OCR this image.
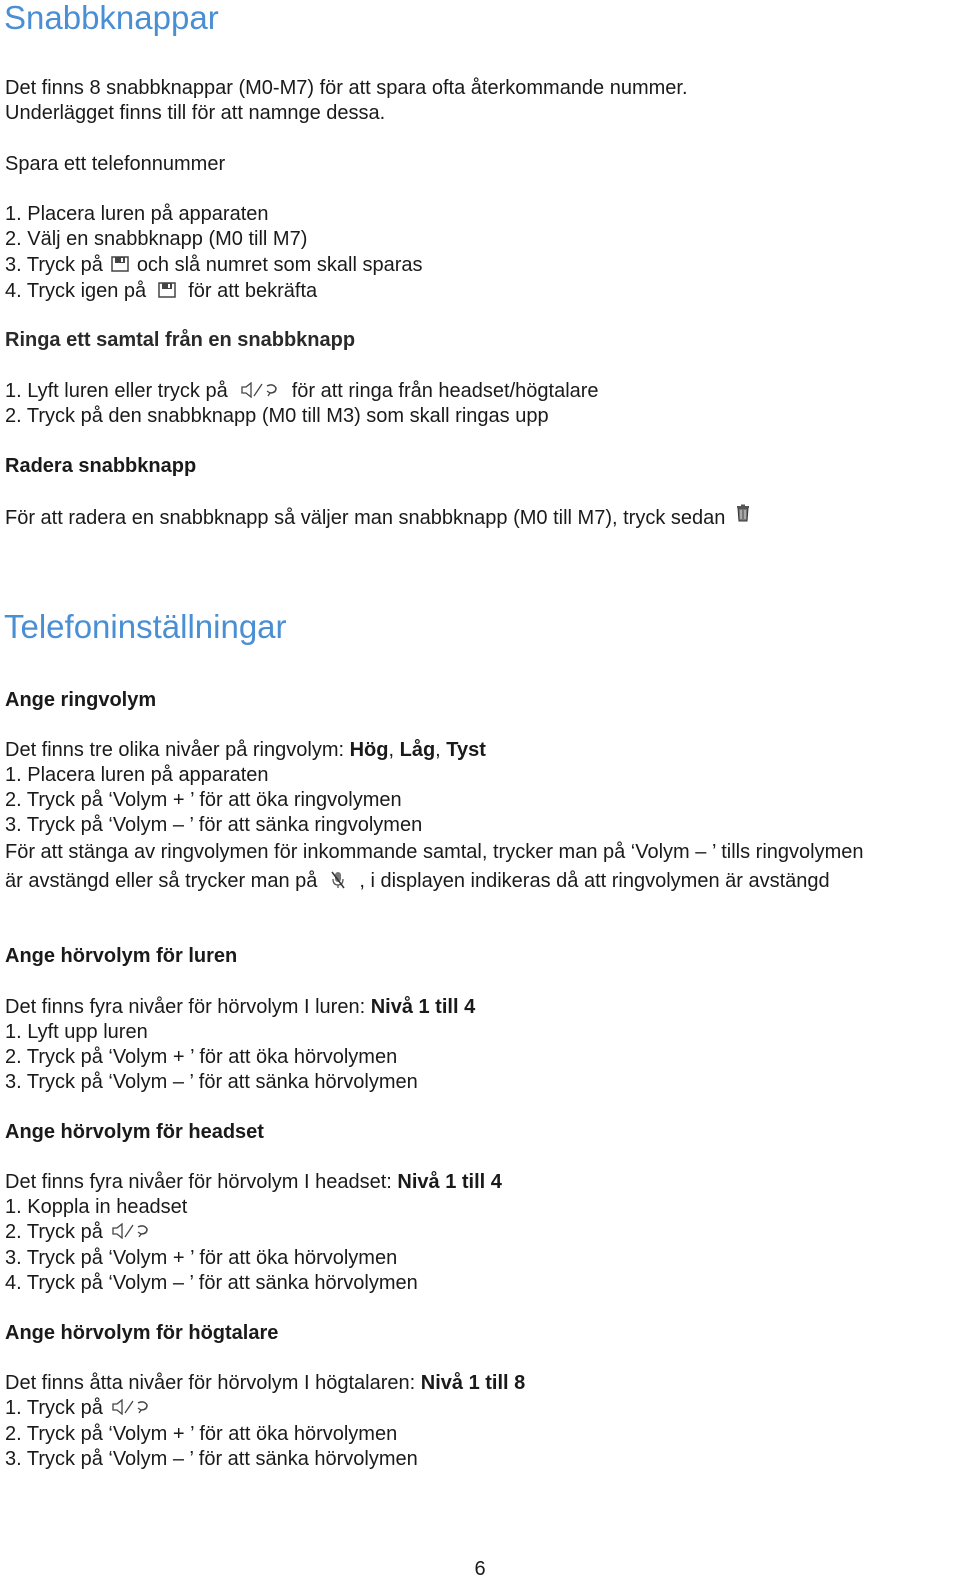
Snabbknappar
Det finns 8 snabbknappar (M0-M7) för att spara ofta återkommande nummer.
Underlägget finns till för att namnge dessa.
Spara ett telefonnummer
1. Placera luren på apparaten
2. Välj en snabbknapp (M0 till M7)
3. Tryck på och slå numret som skall sparas
4. Tryck igen på för att bekräfta
Ringa ett samtal från en snabbknapp
1. Lyft luren eller tryck på	för att ringa från headset/högtalare
2. Tryck på den snabbknapp (M0 till M3) som skall ringas upp
Radera snabbknapp
För att radera en snabbknapp så väljer man snabbknapp (M0 till M7), tryck sedan
Telefoninställningar
Ange ringvolym
Det finns tre olika nivåer på ringvolym: Hög, Låg, Tyst
1. Placera luren på apparaten
2. Tryck på ‘Volym + ’ för att öka ringvolymen
3. Tryck på ‘Volym – ’ för att sänka ringvolymen
För att stänga av ringvolymen för inkommande samtal, trycker man på ‘Volym – ’ tills ringvolymen
är avstängd eller så trycker man på , i displayen indikeras då att ringvolymen är avstängd
Ange hörvolym för luren
Det finns fyra nivåer för hörvolym I luren: Nivå 1 till 4
1. Lyft upp luren
2. Tryck på ‘Volym + ’ för att öka hörvolymen
3. Tryck på ‘Volym – ’ för att sänka hörvolymen
Ange hörvolym för headset
Det finns fyra nivåer för hörvolym I headset: Nivå 1 till 4
1. Koppla in headset
2. Tryck på
3. Tryck på ‘Volym + ’ för att öka hörvolymen
4. Tryck på ‘Volym – ’ för att sänka hörvolymen
Ange hörvolym för högtalare
Det finns åtta nivåer för hörvolym I högtalaren: Nivå 1 till 8
1. Tryck på
2. Tryck på ‘Volym + ’ för att öka hörvolymen
3. Tryck på ‘Volym – ’ för att sänka hörvolymen
6
